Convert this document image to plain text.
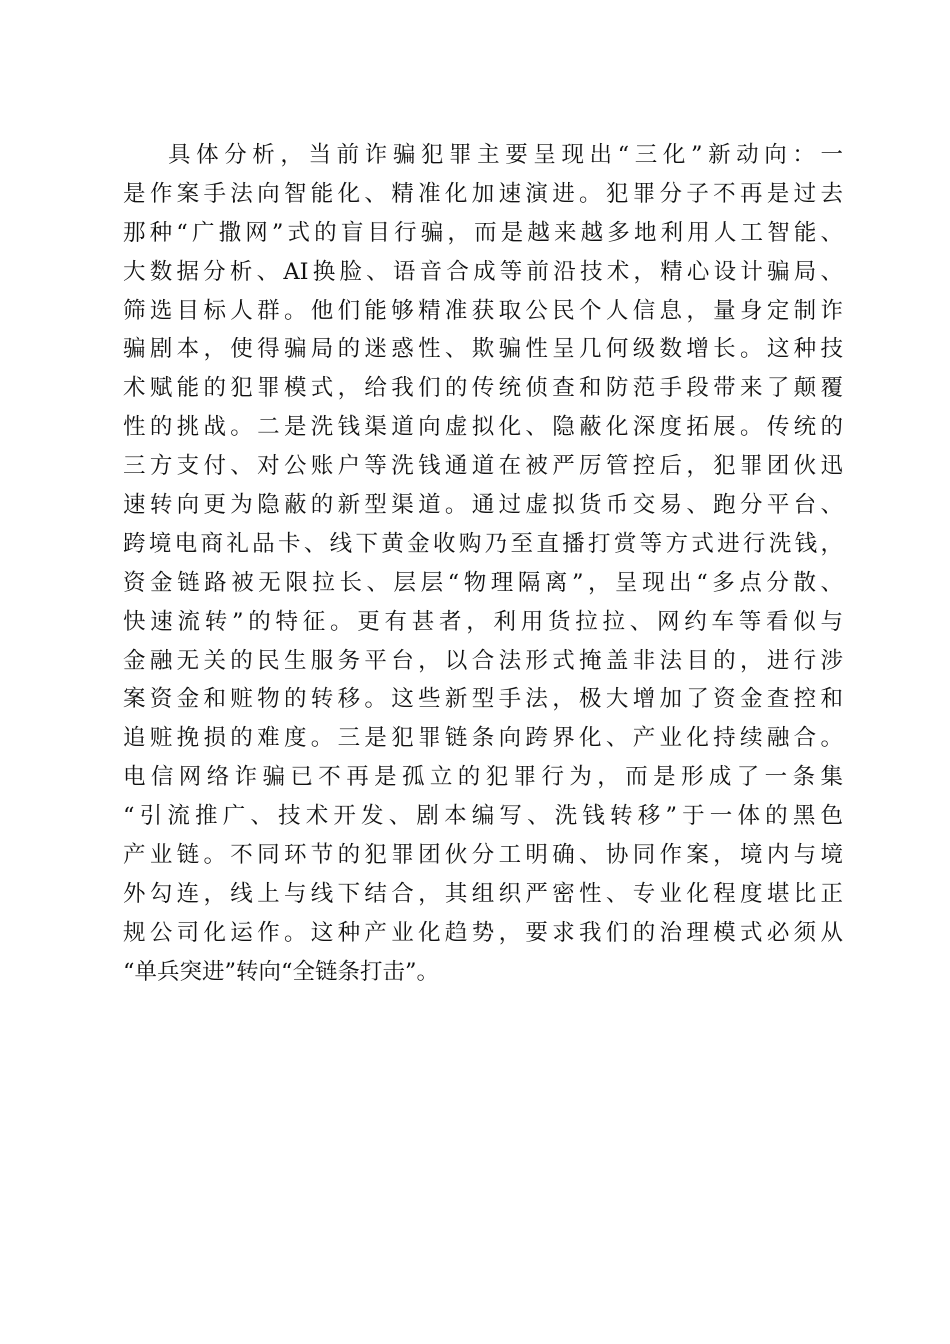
具体分析，当前诈骗犯罪主要呈现出“三化”新动向：一
是作案手法向智能化、精准化加速演进。犯罪分子不再是过去
那种“广撒网”式的盲目行骗，而是越来越多地利用人工智能、
大数据分析、AI换脸、语音合成等前沿技术，精心设计骗局、
筛选目标人群。他们能够精准获取公民个人信息，量身定制诈
骗剧本，使得骗局的迷惑性、欺骗性呈几何级数增长。这种技
术赋能的犯罪模式，给我们的传统侦查和防范手段带来了颠覆
性的挑战。二是洗钱渠道向虚拟化、隐蔽化深度拓展。传统的
三方支付、对公账户等洗钱通道在被严厉管控后，犯罪团伙迅
速转向更为隐蔽的新型渠道。通过虚拟货币交易、跑分平台、
跨境电商礼品卡、线下黄金收购乃至直播打赏等方式进行洗钱，
资金链路被无限拉长、层层“物理隔离”，呈现出“多点分散、
快速流转”的特征。更有甚者，利用货拉拉、网约车等看似与
金融无关的民生服务平台，以合法形式掩盖非法目的，进行涉
案资金和赃物的转移。这些新型手法，极大增加了资金查控和
追赃挽损的难度。三是犯罪链条向跨界化、产业化持续融合。
电信网络诈骗已不再是孤立的犯罪行为，而是形成了一条集
“引流推广、技术开发、剧本编写、洗钱转移”于一体的黑色
产业链。不同环节的犯罪团伙分工明确、协同作案，境内与境
外勾连，线上与线下结合，其组织严密性、专业化程度堪比正
规公司化运作。这种产业化趋势，要求我们的治理模式必须从
“单兵突进”转向“全链条打击”。
